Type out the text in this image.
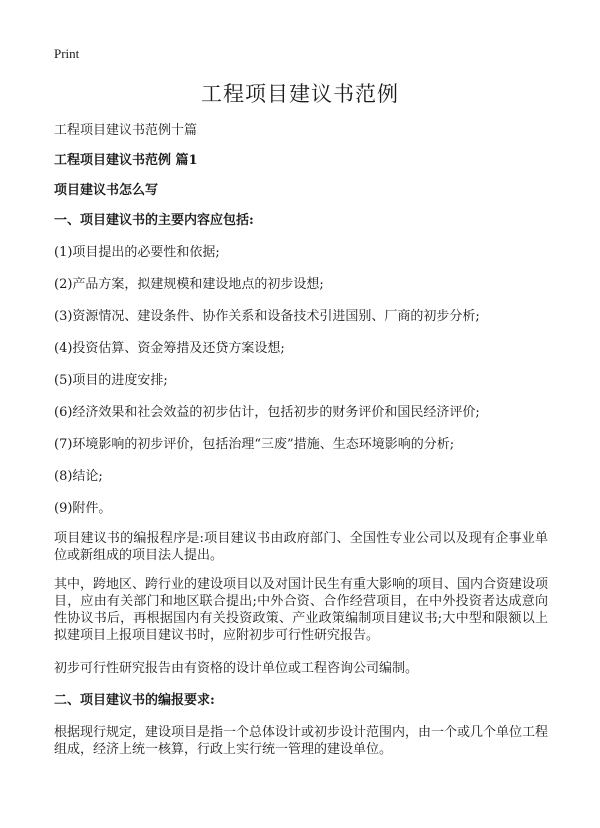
Print
工程项目建议书范例

工程项目建议书范例十篇

工程项目建议书范例 篇1

项目建议书怎么写

一、项目建议书的主要内容应包括:

(1)项目提出的必要性和依据;

(2)产品方案，拟建规模和建设地点的初步设想;

(3)资源情况、建设条件、协作关系和设备技术引进国别、厂商的初步分析;

(4)投资估算、资金筹措及还贷方案设想;

(5)项目的进度安排;

(6)经济效果和社会效益的初步估计，包括初步的财务评价和国民经济评价;

(7)环境影响的初步评价，包括治理“三废”措施、生态环境影响的分析;

(8)结论;

(9)附件。

项目建议书的编报程序是:项目建议书由政府部门、全国性专业公司以及现有企事业单位或新组成的项目法人提出。

其中，跨地区、跨行业的建设项目以及对国计民生有重大影响的项目、国内合资建设项目，应由有关部门和地区联合提出;中外合资、合作经营项目，在中外投资者达成意向性协议书后，再根据国内有关投资政策、产业政策编制项目建议书;大中型和限额以上拟建项目上报项目建议书时，应附初步可行性研究报告。

初步可行性研究报告由有资格的设计单位或工程咨询公司编制。

二、项目建议书的编报要求:

根据现行规定，建设项目是指一个总体设计或初步设计范围内，由一个或几个单位工程组成，经济上统一核算，行政上实行统一管理的建设单位。
